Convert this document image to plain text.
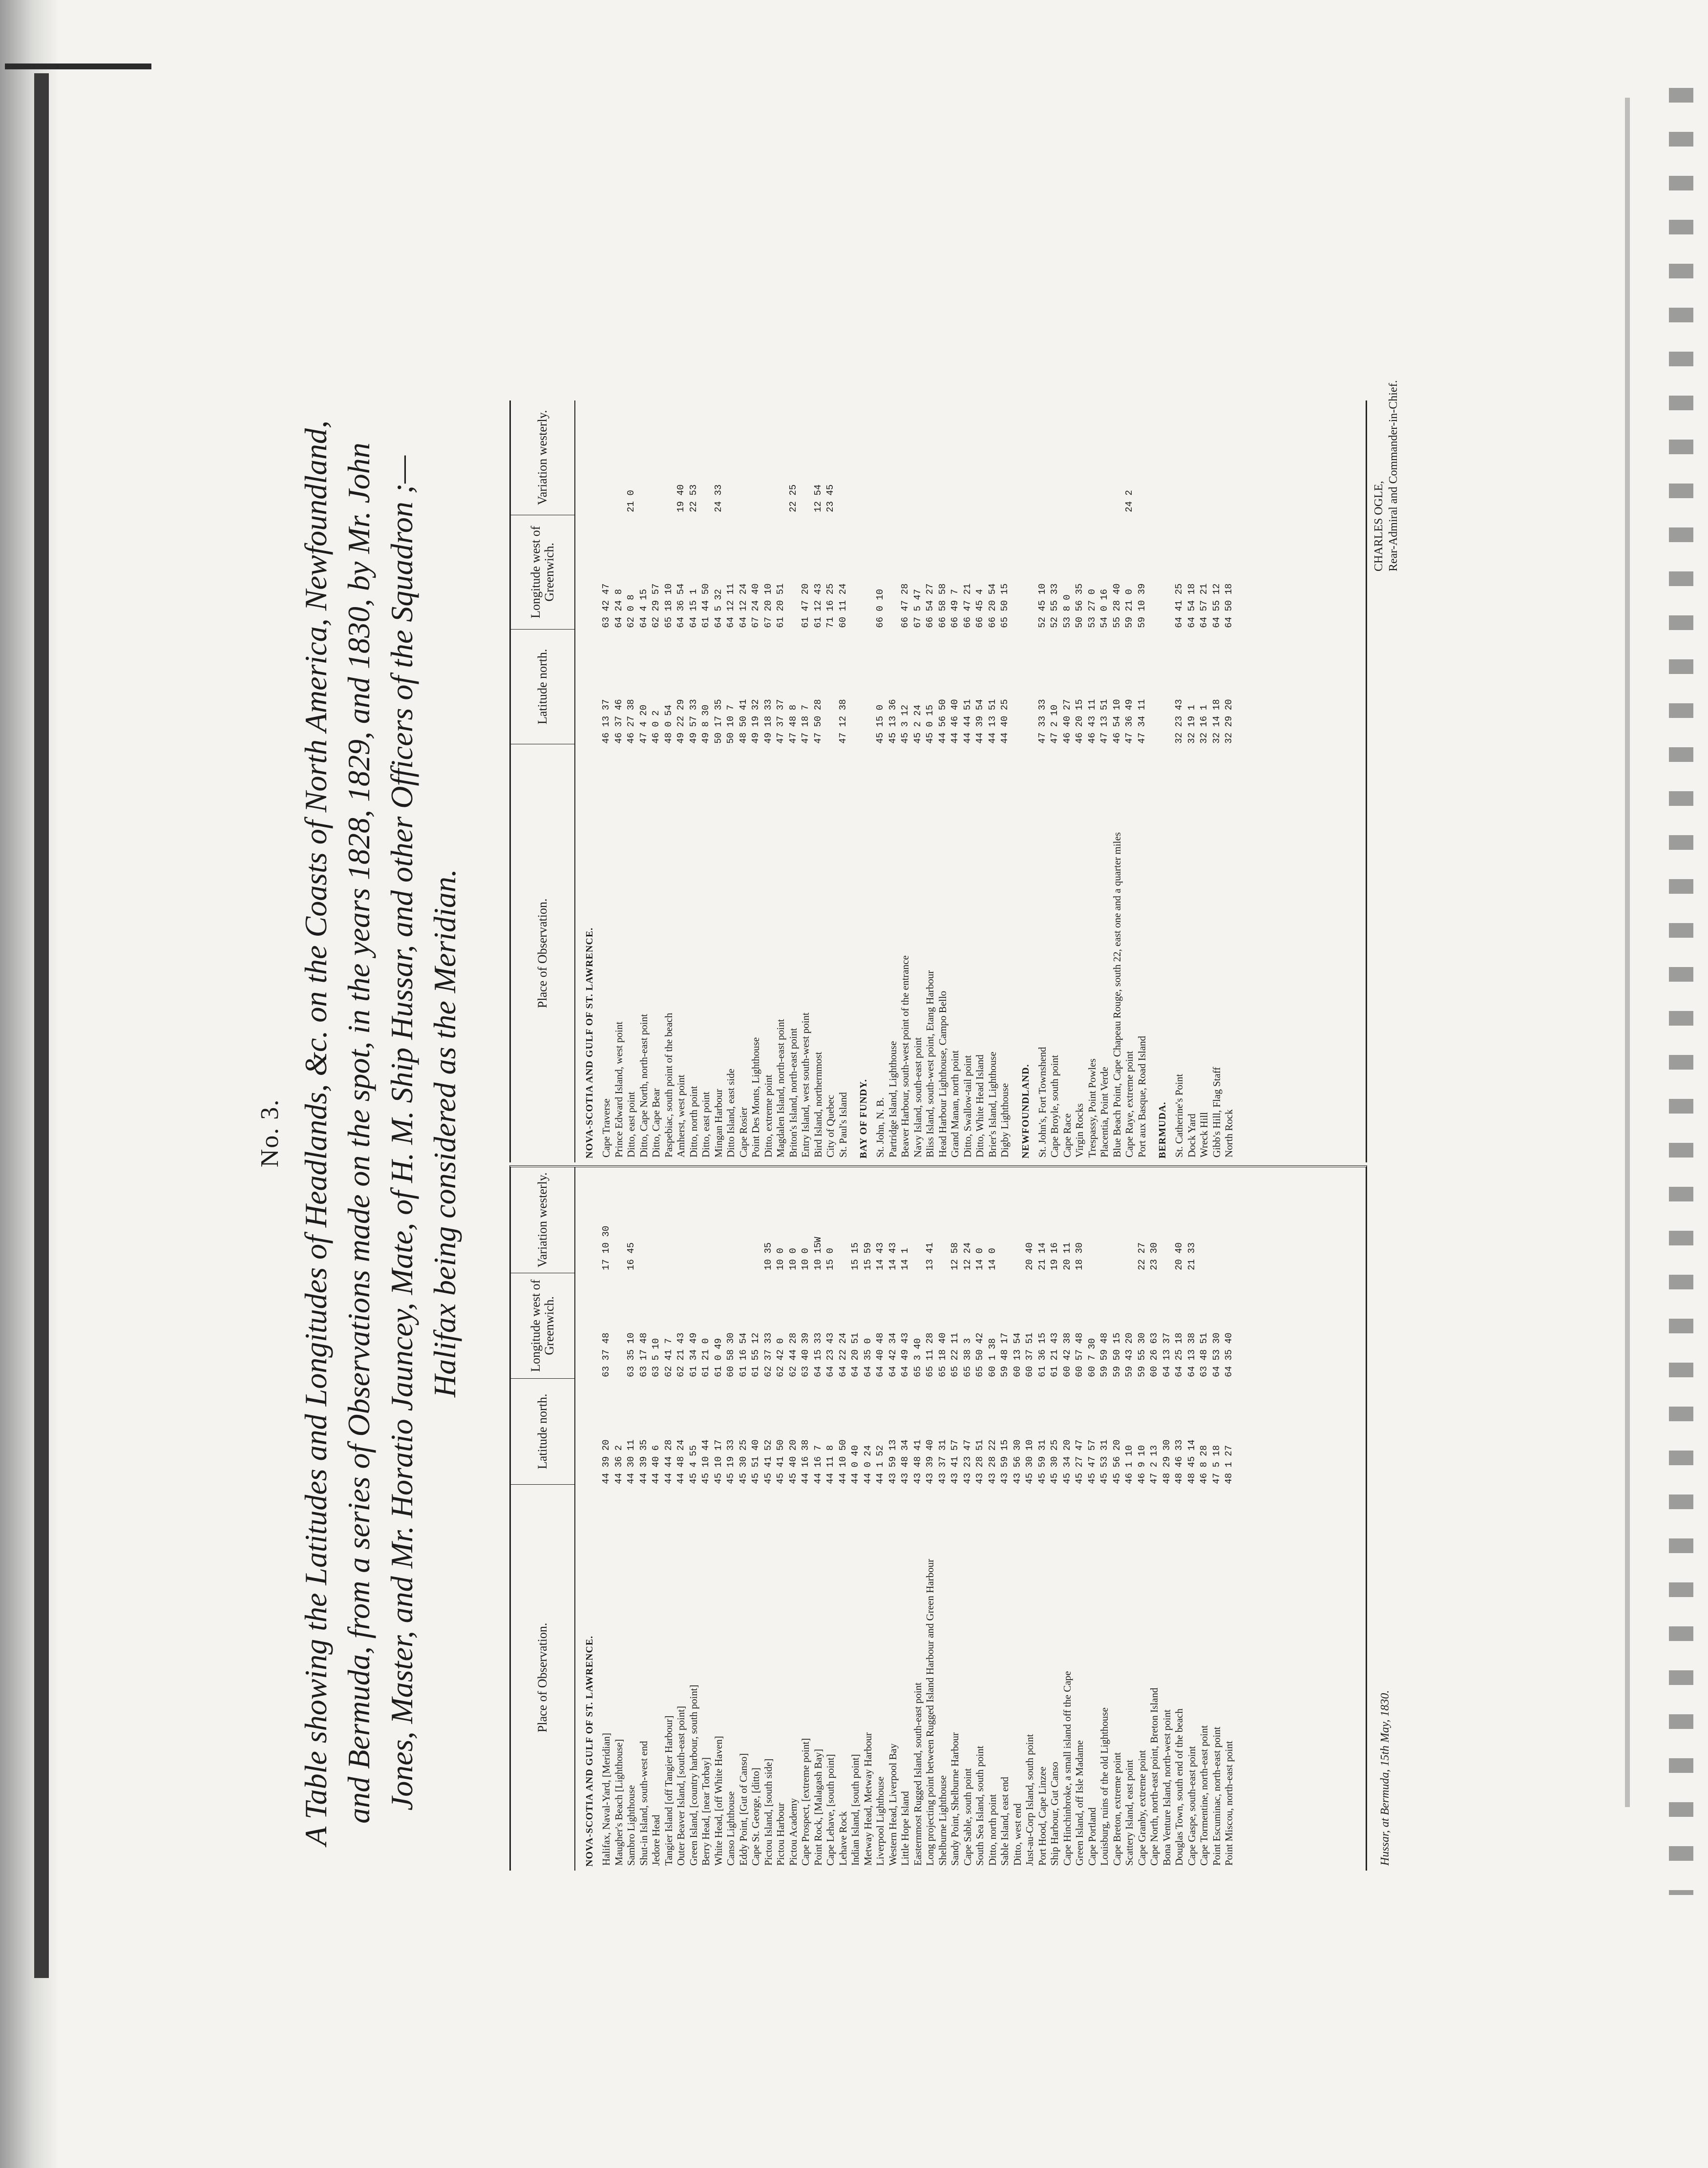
No. 3. A Table showing the Latitudes and Longitudes of Headlands, &c. on the Coasts of North America, Newfoundland, and Bermuda, from a series of Observations made on the spot, in the years 1828, 1829, and 1830, by Mr. John Jones, Master, and Mr. Horatio Jauncey, Mate, of H. M. Ship Hussar, and other Officers of the Squadron ;—Halifax being considered as the Meridian.
Place of Observation.
Latitude north.
Longitude west of Greenwich.
Variation westerly.
NOVA-SCOTIA AND GULF OF ST. LAWRENCE. Halifax, Naval-Yard, [Meridian]
44 39 20
63 37 48
17 10 30
Maugher's Beach [Lighthouse]
44 36 2
Sambro Lighthouse
44 30 11
63 35 10
16 45
Shut-in Island, south-west end
44 39 35
63 17 48
Jedore Head
44 40 6
63 5 10
Tangier Island [off Tangier Harbour]
44 44 28
62 41 7
Outer Beaver Island, [south-east point]
44 48 24
62 21 43
Green Island, [country harbour, south point]
45 4 55
61 34 49
Berry Head, [near Torbay]
45 10 44
61 21 0
White Head, [off White Haven]
45 10 17
61 0 49
Canso Lighthouse
45 19 33
60 58 30
Eddy Point, [Gut of Canso]
45 30 25
61 16 54
Cape St. George, [ditto]
45 51 40
61 55 12
Pictou Island, [south side]
45 41 52
62 37 33
10 35
Pictou Harbour
45 41 50
62 42 0
10 0
Pictou Academy
45 40 20
62 44 28
10 0
Cape Prospect, [extreme point]
44 16 38
63 40 39
10 0
Point Rock, [Malagash Bay]
44 16 7
64 15 33
10 15W
Cape Lehave, [south point]
44 11 8
64 23 43
15 0
Lehave Rock
44 10 50
64 22 24
Indian Island, [south point]
44 0 40
64 20 51
15 15
Metway Head, Metway Harbour
44 0 24
64 35 0
15 59
Liverpool Lighthouse
44 1 52
64 40 48
14 43
Western Head, Liverpool Bay
43 59 13
64 42 34
14 43
Little Hope Island
43 48 34
64 49 43
14 1
Easternmost Rugged Island, south-east point
43 48 41
65 3 40
Long projecting point between Rugged Island Harbour and Green Harbour
43 39 40
65 11 28
13 41
Shelburne Lighthouse
43 37 31
65 18 40
Sandy Point, Shelburne Harbour
43 41 57
65 22 11
12 58
Cape Sable, south point
43 23 47
65 38 3
12 24
South Sea Island, south point
43 28 51
65 50 42
14 0
Ditto, north point
43 28 22
60 1 38
14 0
Sable Island, east end
43 59 15
59 48 17
Ditto, west end
43 56 30
60 13 54
Just-au-Corp Island, south point
45 30 10
60 37 51
20 40
Port Hood, Cape Linzee
45 59 31
61 36 15
21 14
Ship Harbour, Gut Canso
45 30 25
61 21 43
19 16
Cape Hinchinbroke, a small island off the Cape
45 34 20
60 42 38
20 11
Green Island, off Isle Madame
45 27 47
60 57 48
18 30
Cape Portland
45 47 57
60 7 30
Louisburg, ruins of the old Lighthouse
45 53 31
59 59 48
Cape Breton, extreme point
45 56 20
59 50 15
Scattery Island, east point
46 1 10
59 43 20
Cape Granby, extreme point
46 9 10
59 55 30
22 27
Cape North, north-east point, Breton Island
47 2 13
60 26 63
23 30
Bona Venture Island, north-west point
48 29 30
64 13 37
Douglas Town, south end of the beach
48 46 33
64 25 18
20 40
Cape Gaspe, south-east point
48 45 14
64 13 38
21 33
Cape Tormentine, north-east point
46 8 28
63 48 51
Point Escuminac, north-east point
47 5 18
64 53 30
Point Miscou, north-east point
48 1 27
64 35 40
Place of Observation.
Latitude north.
Longitude west of Greenwich.
Variation westerly.
NOVA-SCOTIA AND GULF OF ST. LAWRENCE. Cape Traverse
46 13 37
63 42 47
Prince Edward Island, west point
46 37 46
64 24 8
Ditto, east point
46 27 38
62 0 8
21 0
Ditto, Cape North, north-east point
47 4 20
64 4 15
Ditto, Cape Bear
46 0 2
62 29 57
Paspebiac, south point of the beach
48 0 54
65 18 10
Amherst, west point
49 22 29
64 36 54
19 40
Ditto, north point
49 57 33
64 15 1
22 53
Ditto, east point
49 8 30
61 44 50
Mingan Harbour
50 17 35
64 5 32
24 33
Ditto Island, east side
50 10 7
64 12 11
Cape Rosier
48 50 41
64 12 24
Point Des Monts, Lighthouse
49 19 32
67 24 40
Ditto, extreme point
49 18 33
67 20 10
Magdalen Island, north-east point
47 37 37
61 20 51
Briton's Island, north-east point
47 48 8
22 25
Entry Island, west south-west point
47 18 7
61 47 20
Bird Island, northernmost
47 50 28
61 12 43
12 54
City of Quebec
71 16 25
23 45
St. Paul's Island
47 12 38
60 11 24
BAY OF FUNDY. St. John, N. B.
45 15 0
66 0 10
Partridge Island, Lighthouse
45 13 36
Beaver Harbour, south-west point of the entrance
45 3 12
66 47 28
Navy Island, south-east point
45 2 24
67 5 47
Bliss Island, south-west point, Etang Harbour
45 0 15
66 54 27
Head Harbour Lighthouse, Campo Bello
44 56 50
66 58 58
Grand Manan, north point
44 46 40
66 49 7
Ditto, Swallow-tail point
44 44 51
66 47 21
Ditto, White Head Island
44 39 54
66 45 4
Brier's Island, Lighthouse
44 13 51
66 20 54
Digby Lighthouse
44 40 25
65 50 15
NEWFOUNDLAND. St. John's, Fort Townshend
47 33 33
52 45 10
Cape Broyle, south point
47 2 10
52 55 33
Cape Race
46 40 27
53 8 0
Virgin Rocks
46 20 15
50 56 35
Trespassy, Point Powles
46 43 11
53 27 0
Placentia, Point Verde
47 13 51
54 0 16
Blue Beach Point, Cape Chapeau Rouge, south 22, east one and a quarter miles
46 54 10
55 28 40
Cape Raye, extreme point
47 36 49
59 21 0
24 2
Port aux Basque, Road Island
47 34 11
59 10 39
BERMUDA. St. Catherine's Point
32 23 43
64 41 25
Dock Yard
32 19 1
64 54 18
Wreck Hill
32 16 1
64 57 21
Gibb's Hill, Flag Staff
32 14 18
64 55 12
North Rock
32 29 20
64 50 18
Hussar, at Bermuda, 15th May, 1830.
CHARLES OGLE, Rear-Admiral and Commander-in-Chief.
